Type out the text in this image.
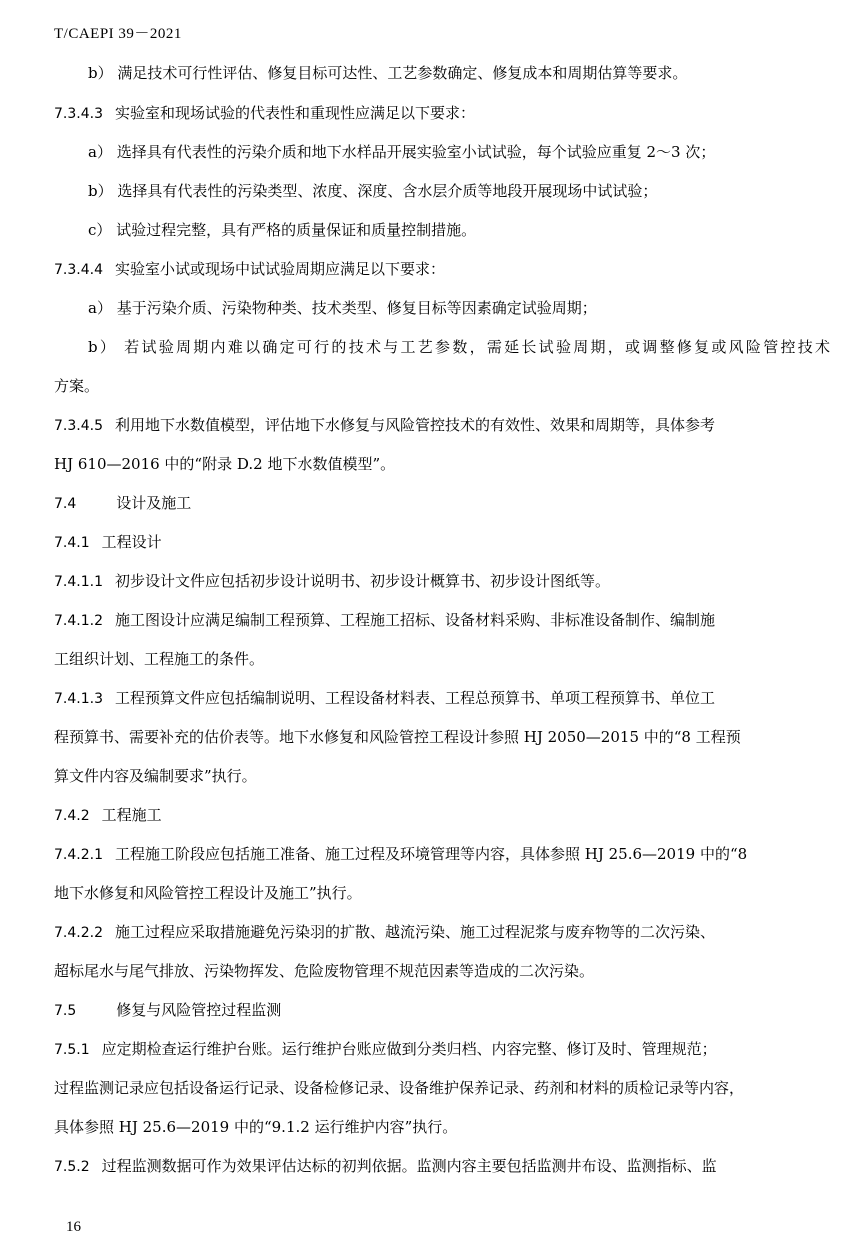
T/CAEPI 39－2021
b） 满足技术可行性评估、修复目标可达性、工艺参数确定、修复成本和周期估算等要求。
7.3.4.3 实验室和现场试验的代表性和重现性应满足以下要求：
a） 选择具有代表性的污染介质和地下水样品开展实验室小试试验，每个试验应重复 2～3 次；
b） 选择具有代表性的污染类型、浓度、深度、含水层介质等地段开展现场中试试验；
c） 试验过程完整，具有严格的质量保证和质量控制措施。
7.3.4.4 实验室小试或现场中试试验周期应满足以下要求：
a） 基于污染介质、污染物种类、技术类型、修复目标等因素确定试验周期；
b） 若试验周期内难以确定可行的技术与工艺参数，需延长试验周期，或调整修复或风险管控技术
方案。
7.3.4.5 利用地下水数值模型，评估地下水修复与风险管控技术的有效性、效果和周期等，具体参考
HJ 610—2016 中的“附录 D.2 地下水数值模型”。
7.4	设计及施工
7.4.1 工程设计
7.4.1.1 初步设计文件应包括初步设计说明书、初步设计概算书、初步设计图纸等。
7.4.1.2 施工图设计应满足编制工程预算、工程施工招标、设备材料采购、非标准设备制作、编制施
工组织计划、工程施工的条件。
7.4.1.3 工程预算文件应包括编制说明、工程设备材料表、工程总预算书、单项工程预算书、单位工
程预算书、需要补充的估价表等。地下水修复和风险管控工程设计参照 HJ 2050—2015 中的“8 工程预
算文件内容及编制要求”执行。
7.4.2 工程施工
7.4.2.1 工程施工阶段应包括施工准备、施工过程及环境管理等内容，具体参照 HJ 25.6—2019 中的“8
地下水修复和风险管控工程设计及施工”执行。
7.4.2.2 施工过程应采取措施避免污染羽的扩散、越流污染、施工过程泥浆与废弃物等的二次污染、
超标尾水与尾气排放、污染物挥发、危险废物管理不规范因素等造成的二次污染。
7.5	修复与风险管控过程监测
7.5.1 应定期检查运行维护台账。运行维护台账应做到分类归档、内容完整、修订及时、管理规范；
过程监测记录应包括设备运行记录、设备检修记录、设备维护保养记录、药剂和材料的质检记录等内容，
具体参照 HJ 25.6—2019 中的“9.1.2 运行维护内容”执行。
7.5.2 过程监测数据可作为效果评估达标的初判依据。监测内容主要包括监测井布设、监测指标、监
16
